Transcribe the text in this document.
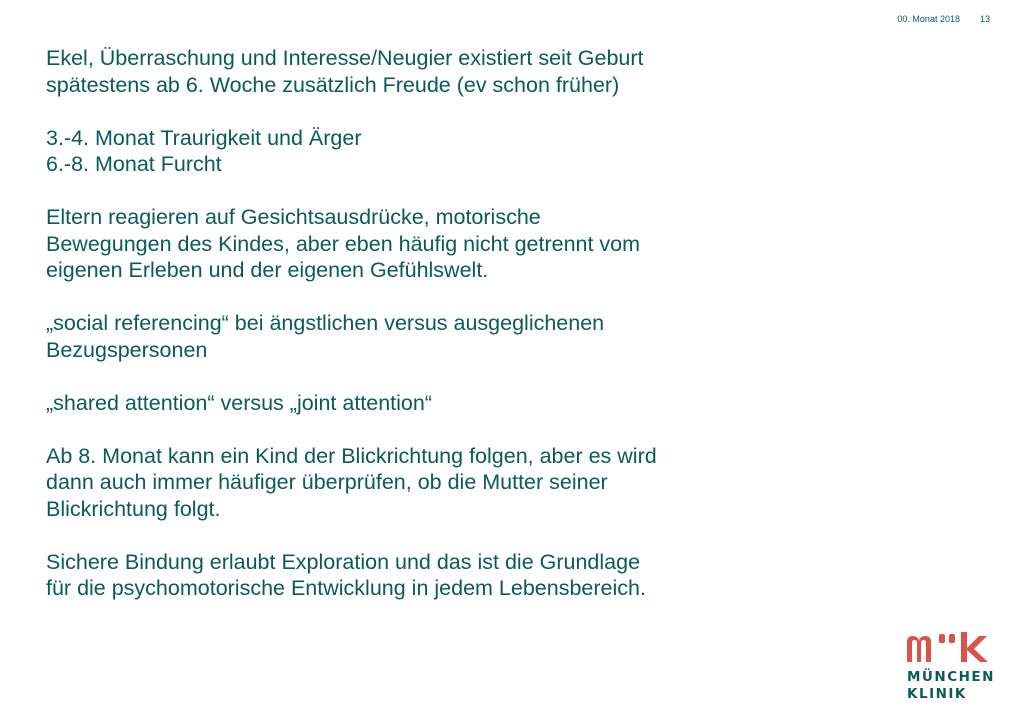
00. Monat 2018 13
Ekel, Überraschung und Interesse/Neugier existiert seit Geburt
spätestens ab 6. Woche zusätzlich Freude (ev schon früher)
3.-4. Monat Traurigkeit und Ärger
6.-8. Monat Furcht
Eltern reagieren auf Gesichtsausdrücke, motorische
Bewegungen des Kindes, aber eben häufig nicht getrennt vom
eigenen Erleben und der eigenen Gefühlswelt.
„social referencing“ bei ängstlichen versus ausgeglichenen
Bezugspersonen
„shared attention“ versus „joint attention“
Ab 8. Monat kann ein Kind der Blickrichtung folgen, aber es wird
dann auch immer häufiger überprüfen, ob die Mutter seiner
Blickrichtung folgt.
Sichere Bindung erlaubt Exploration und das ist die Grundlage
für die psychomotorische Entwicklung in jedem Lebensbereich.
MÜNCHEN
KLINIK
